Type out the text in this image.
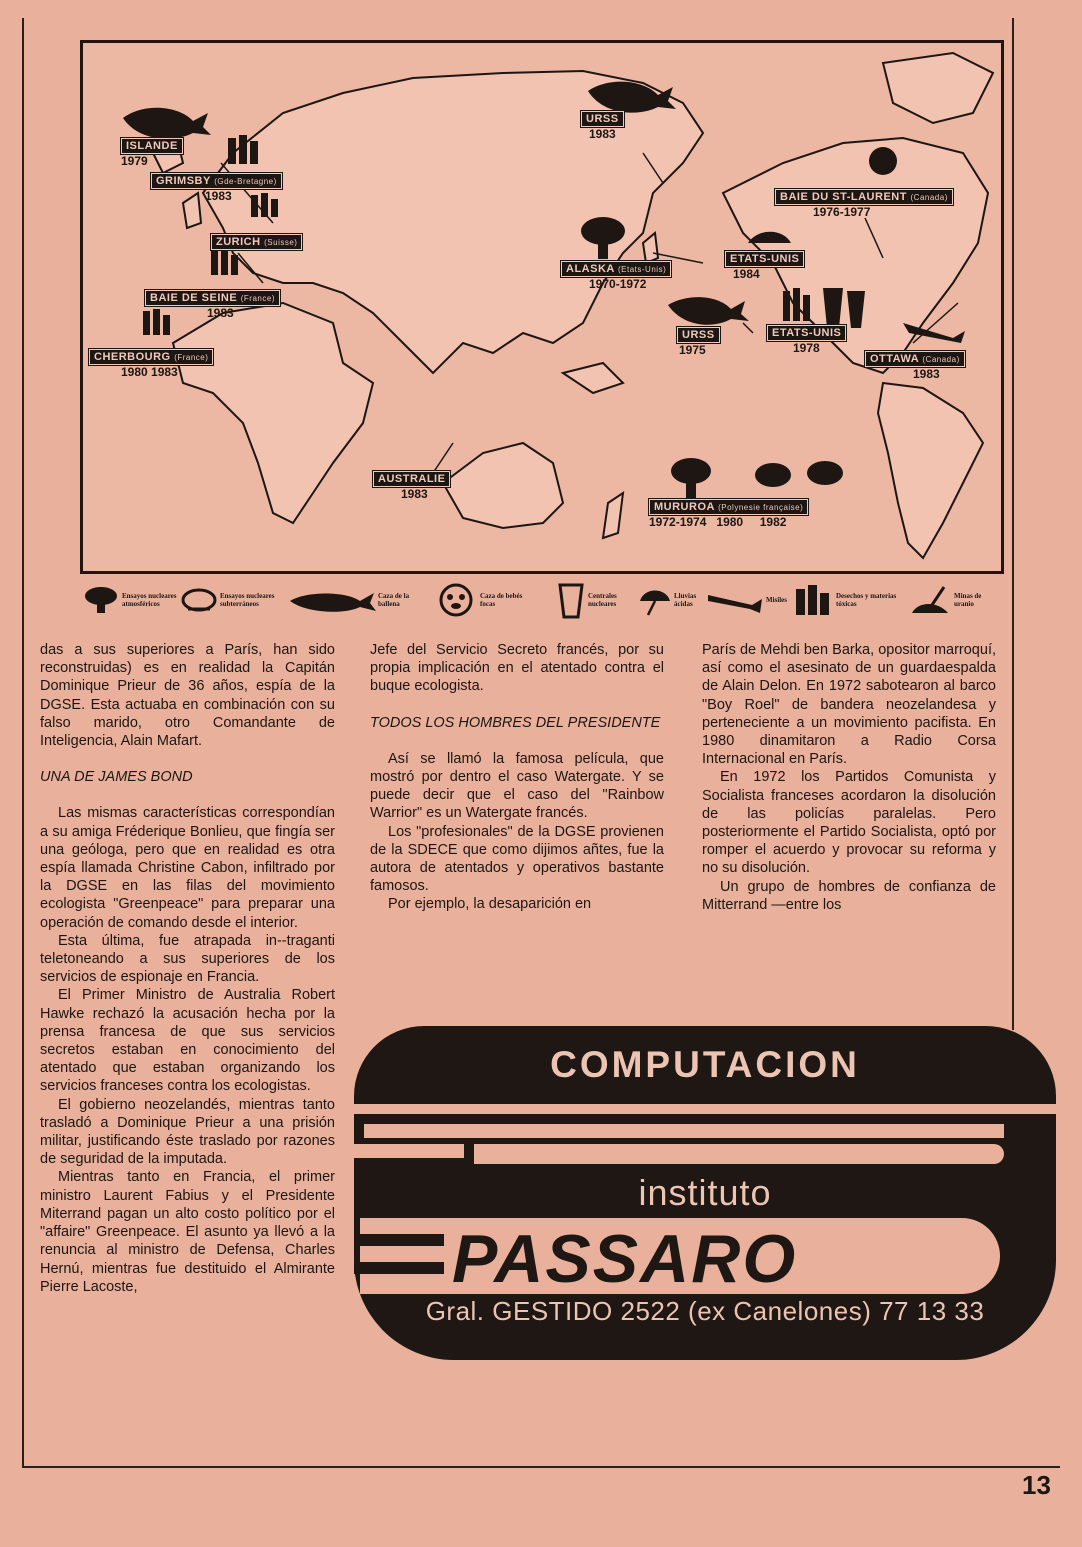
ISLANDE
1979
GRIMSBY (Gde-Bretagne)
1983
ZURICH (Suisse)
BAIE DE SEINE (France)
1983
CHERBOURG (France)
1980 1983
URSS
1983
ALASKA (Etats-Unis)
1970-1972
BAIE DU ST-LAURENT (Canada)
1976-1977
ETATS-UNIS
1984
URSS
1975
ETATS-UNIS
1978
OTTAWA (Canada)
1983
AUSTRALIE
1983
MURUROA (Polynesie française)
1972-1974   1980     1982
Ensayos nucleares atmosféricos
Ensayos nucleares subterráneos
Caza de la ballena
Caza de bebés focas
Centrales nucleares
Lluvias ácidas	Misiles	Desechos y materias tóxicas
Minas de uranio

das a sus superiores a París, han sido reconstruidas) es en realidad la Capitán Dominique Prieur de 36 años, espía de la DGSE. Esta actuaba en combinación con su falso marido, otro Comandante de Inteligencia, Alain Mafart.

UNA DE JAMES BOND

Las mismas características correspondían a su amiga Fréderique Bonlieu, que fingía ser una geóloga, pero que en realidad es otra espía llamada Christine Cabon, infiltrado por la DGSE en las filas del movimiento ecologista "Greenpeace" para preparar una operación de comando desde el interior.

Esta última, fue atrapada in--traganti teletoneando a sus superiores de los servicios de espionaje en Francia.

El Primer Ministro de Australia Robert Hawke rechazó la acusación hecha por la prensa francesa de que sus servicios secretos estaban en conocimiento del atentado que estaban organizando los servicios franceses contra los ecologistas.

El gobierno neozelandés, mientras tanto trasladó a Dominique Prieur a una prisión militar, justificando éste traslado por razones de seguridad de la imputada.

Mientras tanto en Francia, el primer ministro Laurent Fabius y el Presidente Miterrand pagan un alto costo político por el "affaire" Greenpeace. El asunto ya llevó a la renuncia al ministro de Defensa, Charles Hernú, mientras fue destituido el Almirante Pierre Lacoste,

Jefe del Servicio Secreto francés, por su propia implicación en el atentado contra el buque ecologista.

TODOS LOS HOMBRES DEL PRESIDENTE

Así se llamó la famosa película, que mostró por dentro el caso Watergate. Y se puede decir que el caso del "Rainbow Warrior" es un Watergate francés.

Los "profesionales" de la DGSE provienen de la SDECE que como dijimos añtes, fue la autora de atentados y operativos bastante famosos.

Por ejemplo, la desaparición en

París de Mehdi ben Barka, opositor marroquí, así como el asesinato de un guardaespalda de Alain Delon. En 1972 sabotearon al barco "Boy Roel" de bandera neozelandesa y perteneciente a un movimiento pacifista. En 1980 dinamitaron a Radio Corsa Internacional en París.

En 1972 los Partidos Comunista y Socialista franceses acordaron la disolución de las policías paralelas. Pero posteriormente el Partido Socialista, optó por romper el acuerdo y provocar su reforma y no su disolución.

Un grupo de hombres de confianza de Mitterrand —entre los

COMPUTACION
instituto
PASSARO
Gral. GESTIDO 2522 (ex Canelones) 77 13 33
13
